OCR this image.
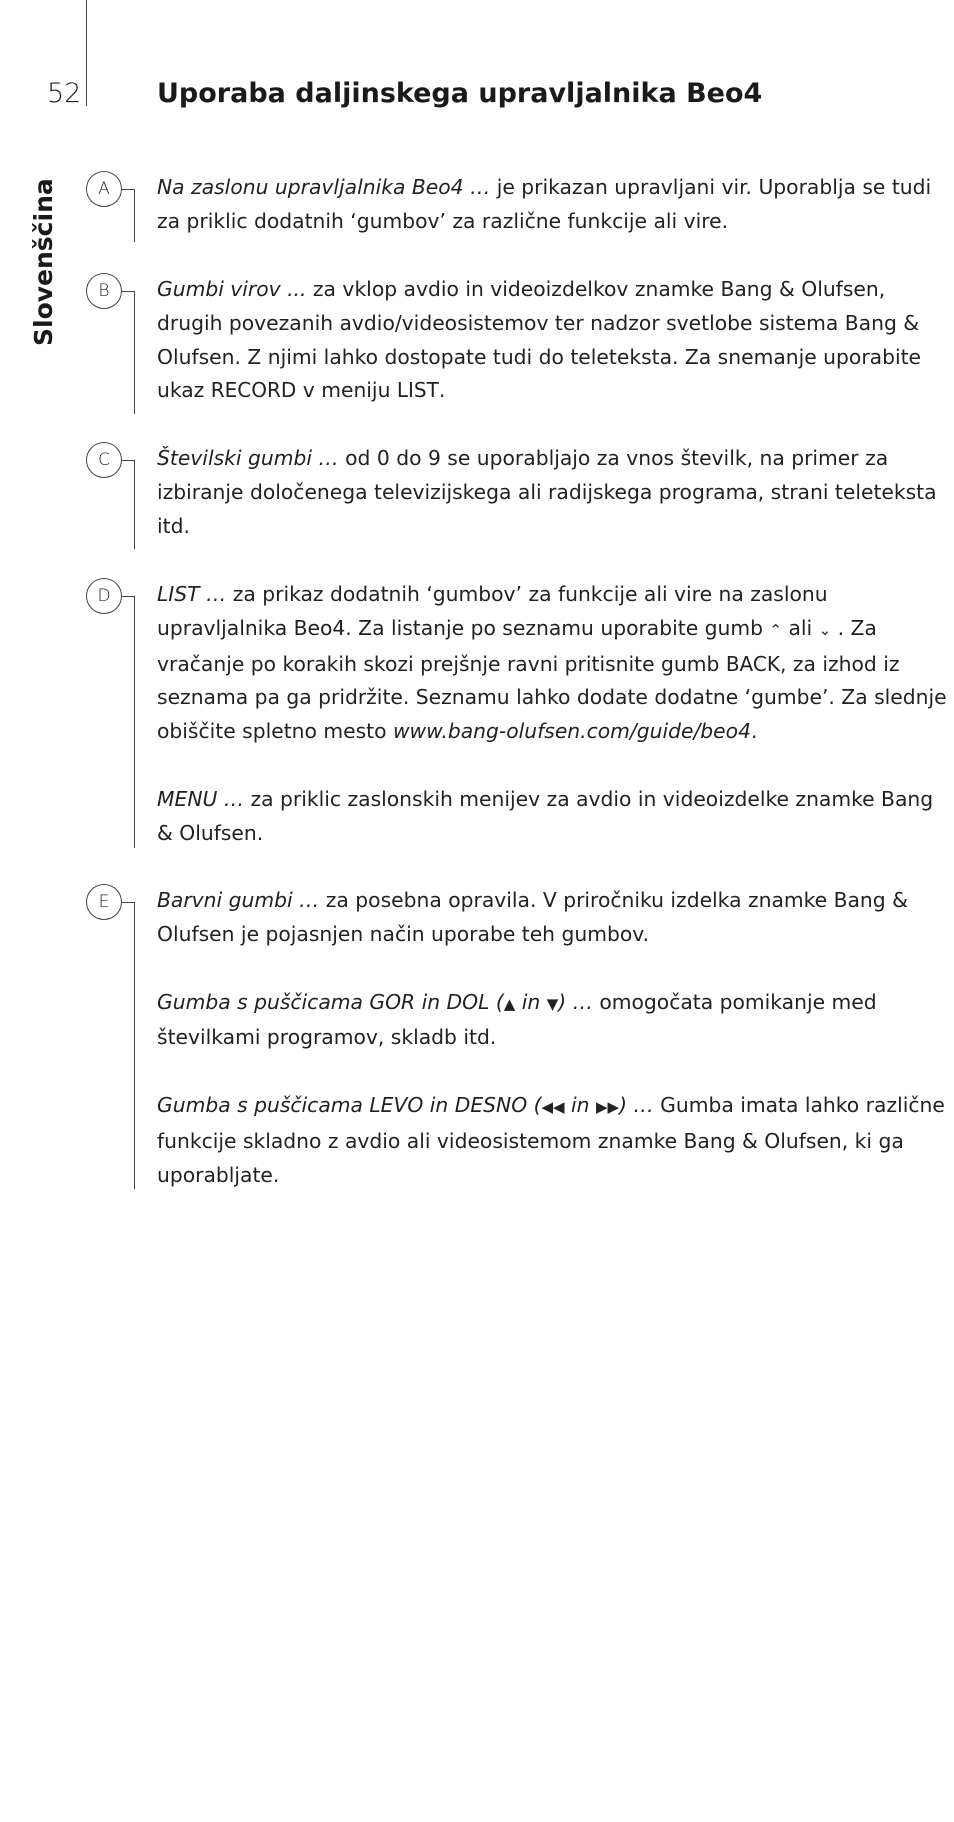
52	Uporaba daljinskega upravljalnika Beo4
Slovenščina	A	Na zaslonu upravljalnika Beo4 … je prikazan upravljani vir. Uporablja se tudi za priklic dodatnih ‘gumbov’ za različne funkcije ali vire.

B	Gumbi virov ... za vklop avdio in videoizdelkov znamke Bang & Olufsen, drugih povezanih avdio/videosistemov ter nadzor svetlobe sistema Bang & Olufsen. Z njimi lahko dostopate tudi do teleteksta. Za snemanje uporabite ukaz RECORD v meniju LIST.

C	Številski gumbi … od 0 do 9 se uporabljajo za vnos številk, na primer za izbiranje določenega televizijskega ali radijskega programa, strani teleteksta itd.

D	LIST … za prikaz dodatnih ‘gumbov’ za funkcije ali vire na zaslonu upravljalnika Beo4. Za listanje po seznamu uporabite gumb ⌃ ali ⌄ . Za vračanje po korakih skozi prejšnje ravni pritisnite gumb BACK, za izhod iz seznama pa ga pridržite. Seznamu lahko dodate dodatne ‘gumbe’. Za slednje obiščite spletno mesto www.bang-olufsen.com/guide/beo4.

MENU … za priklic zaslonskih menijev za avdio in videoizdelke znamke Bang & Olufsen.

E	Barvni gumbi … za posebna opravila. V priročniku izdelka znamke Bang & Olufsen je pojasnjen način uporabe teh gumbov.

Gumba s puščicama GOR in DOL (▲ in ▼) … omogočata pomikanje med številkami programov, skladb itd.

Gumba s puščicama LEVO in DESNO (◀◀ in ▶▶) … Gumba imata lahko različne funkcije skladno z avdio ali videosistemom znamke Bang & Olufsen, ki ga uporabljate.
